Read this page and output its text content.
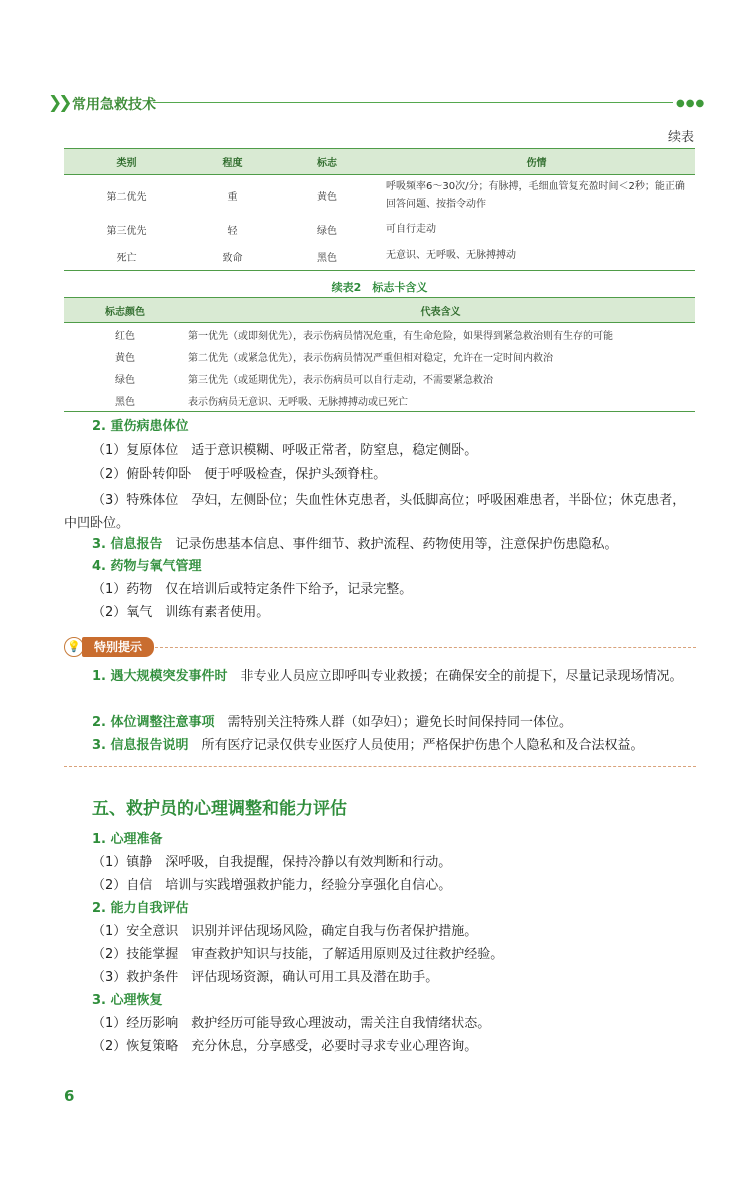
❯❯ 常用急救技术	●●●
续表
类别	程度	标志	伤情
第二优先	重	黄色	呼吸频率6～30次/分；有脉搏，毛细血管复充盈时间＜2秒；能正确回答问题、按指令动作
第三优先	轻	绿色	可自行走动
死亡	致命	黑色	无意识、无呼吸、无脉搏搏动
续表2　标志卡含义
标志颜色	代表含义
红色	第一优先（或即刻优先），表示伤病员情况危重，有生命危险，如果得到紧急救治则有生存的可能
黄色	第二优先（或紧急优先），表示伤病员情况严重但相对稳定，允许在一定时间内救治
绿色	第三优先（或延期优先），表示伤病员可以自行走动，不需要紧急救治
黑色	表示伤病员无意识、无呼吸、无脉搏搏动或已死亡
2. 重伤病患体位
（1）复原体位　 适于意识模糊、呼吸正常者，防窒息，稳定侧卧。
（2）俯卧转仰卧　 便于呼吸检查，保护头颈脊柱。
（3）特殊体位　 孕妇，左侧卧位；失血性休克患者，头低脚高位；呼吸困难患者，半卧位；休克患者，中凹卧位。
3. 信息报告　 记录伤患基本信息、事件细节、救护流程、药物使用等，注意保护伤患隐私。
4. 药物与氧气管理
（1）药物　 仅在培训后或特定条件下给予，记录完整。
（2）氧气　 训练有素者使用。
💡	特别提示
1. 遇大规模突发事件时　 非专业人员应立即呼叫专业救援；在确保安全的前提下，尽量记录现场情况。
2. 体位调整注意事项　 需特别关注特殊人群（如孕妇）；避免长时间保持同一体位。
3. 信息报告说明　 所有医疗记录仅供专业医疗人员使用；严格保护伤患个人隐私和及合法权益。
五、救护员的心理调整和能力评估
1. 心理准备
（1）镇静　 深呼吸，自我提醒，保持冷静以有效判断和行动。
（2）自信　 培训与实践增强救护能力，经验分享强化自信心。
2. 能力自我评估
（1）安全意识　 识别并评估现场风险，确定自我与伤者保护措施。
（2）技能掌握　 审查救护知识与技能，了解适用原则及过往救护经验。
（3）救护条件　 评估现场资源，确认可用工具及潜在助手。
3. 心理恢复
（1）经历影响　 救护经历可能导致心理波动，需关注自我情绪状态。
（2）恢复策略　 充分休息，分享感受，必要时寻求专业心理咨询。
6
